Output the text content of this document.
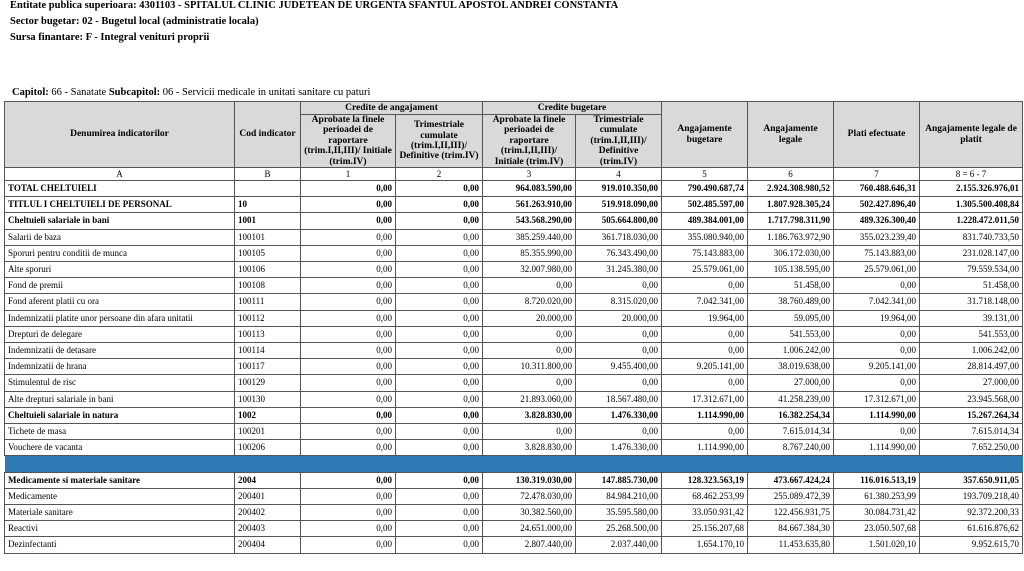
Entitate publica superioara: 4301103 - SPITALUL CLINIC JUDETEAN DE URGENTA SFANTUL APOSTOL ANDREI CONSTANTA
Sector bugetar: 02 - Bugetul local (administratie locala)
Sursa finantare: F - Integral venituri proprii
Capitol: 66 - Sanatate Subcapitol: 06 - Servicii medicale in unitati sanitare cu paturi
Denumirea indicatorilor	Cod indicator	Credite de angajament		Credite bugetare		Angajamente bugetare	Angajamente legale	Plati efectuate	Angajamente legale de platit
		Aprobate la finele perioadei de raportare (trim.I,II,III)/ Initiale (trim.IV)	Trimestriale cumulate (trim.I,II,III)/ Definitive (trim.IV)	Aprobate la finele perioadei de raportare (trim.I,II,III)/ Initiale (trim.IV)	Trimestriale cumulate (trim.I,II,III)/ Definitive (trim.IV)				
A	B	1	2	3	4	5	6	7	8 = 6 - 7
TOTAL CHELTUIELI		0,00	0,00	964.083.590,00	919.010.350,00	790.490.687,74	2.924.308.980,52	760.488.646,31	2.155.326.976,01
TITLUL I CHELTUIELI DE PERSONAL	10	0,00	0,00	561.263.910,00	519.918.090,00	502.485.597,00	1.807.928.305,24	502.427.896,40	1.305.500.408,84
Cheltuieli salariale in bani	1001	0,00	0,00	543.568.290,00	505.664.800,00	489.384.001,00	1.717.798.311,90	489.326.300,40	1.228.472.011,50
Salarii de baza	100101	0,00	0,00	385.259.440,00	361.718.030,00	355.080.940,00	1.186.763.972,90	355.023.239,40	831.740.733,50
Sporuri pentru conditii de munca	100105	0,00	0,00	85.355.990,00	76.343.490,00	75.143.883,00	306.172.030,00	75.143.883,00	231.028.147,00
Alte sporuri	100106	0,00	0,00	32.007.980,00	31.245.380,00	25.579.061,00	105.138.595,00	25.579.061,00	79.559.534,00
Fond de premii	100108	0,00	0,00	0,00	0,00	0,00	51.458,00	0,00	51.458,00
Fond aferent platii cu ora	100111	0,00	0,00	8.720.020,00	8.315.020,00	7.042.341,00	38.760.489,00	7.042.341,00	31.718.148,00
Indemnizatii platite unor persoane din afara unitatii	100112	0,00	0,00	20.000,00	20.000,00	19.964,00	59.095,00	19.964,00	39.131,00
Drepturi de delegare	100113	0,00	0,00	0,00	0,00	0,00	541.553,00	0,00	541.553,00
Indemnizatii de detasare	100114	0,00	0,00	0,00	0,00	0,00	1.006.242,00	0,00	1.006.242,00
Indemnizatii de hrana	100117	0,00	0,00	10.311.800,00	9.455.400,00	9.205.141,00	38.019.638,00	9.205.141,00	28.814.497,00
Stimulentul de risc	100129	0,00	0,00	0,00	0,00	0,00	27.000,00	0,00	27.000,00
Alte drepturi salariale in bani	100130	0,00	0,00	21.893.060,00	18.567.480,00	17.312.671,00	41.258.239,00	17.312.671,00	23.945.568,00
Cheltuieli salariale in natura	1002	0,00	0,00	3.828.830,00	1.476.330,00	1.114.990,00	16.382.254,34	1.114.990,00	15.267.264,34
Tichete de masa	100201	0,00	0,00	0,00	0,00	0,00	7.615.014,34	0,00	7.615.014,34
Vouchere de vacanta	100206	0,00	0,00	3.828.830,00	1.476.330,00	1.114.990,00	8.767.240,00	1.114.990,00	7.652.250,00

Medicamente si materiale sanitare	2004	0,00	0,00	130.319.030,00	147.885.730,00	128.323.563,19	473.667.424,24	116.016.513,19	357.650.911,05
Medicamente	200401	0,00	0,00	72.478.030,00	84.984.210,00	68.462.253,99	255.089.472,39	61.380.253,99	193.709.218,40
Materiale sanitare	200402	0,00	0,00	30.382.560,00	35.595.580,00	33.050.931,42	122.456.931,75	30.084.731,42	92.372.200,33
Reactivi	200403	0,00	0,00	24.651.000,00	25.268.500,00	25.156.207,68	84.667.384,30	23.050.507,68	61.616.876,62
Dezinfectanti	200404	0,00	0,00	2.807.440,00	2.037.440,00	1.654.170,10	11.453.635,80	1.501.020,10	9.952.615,70
